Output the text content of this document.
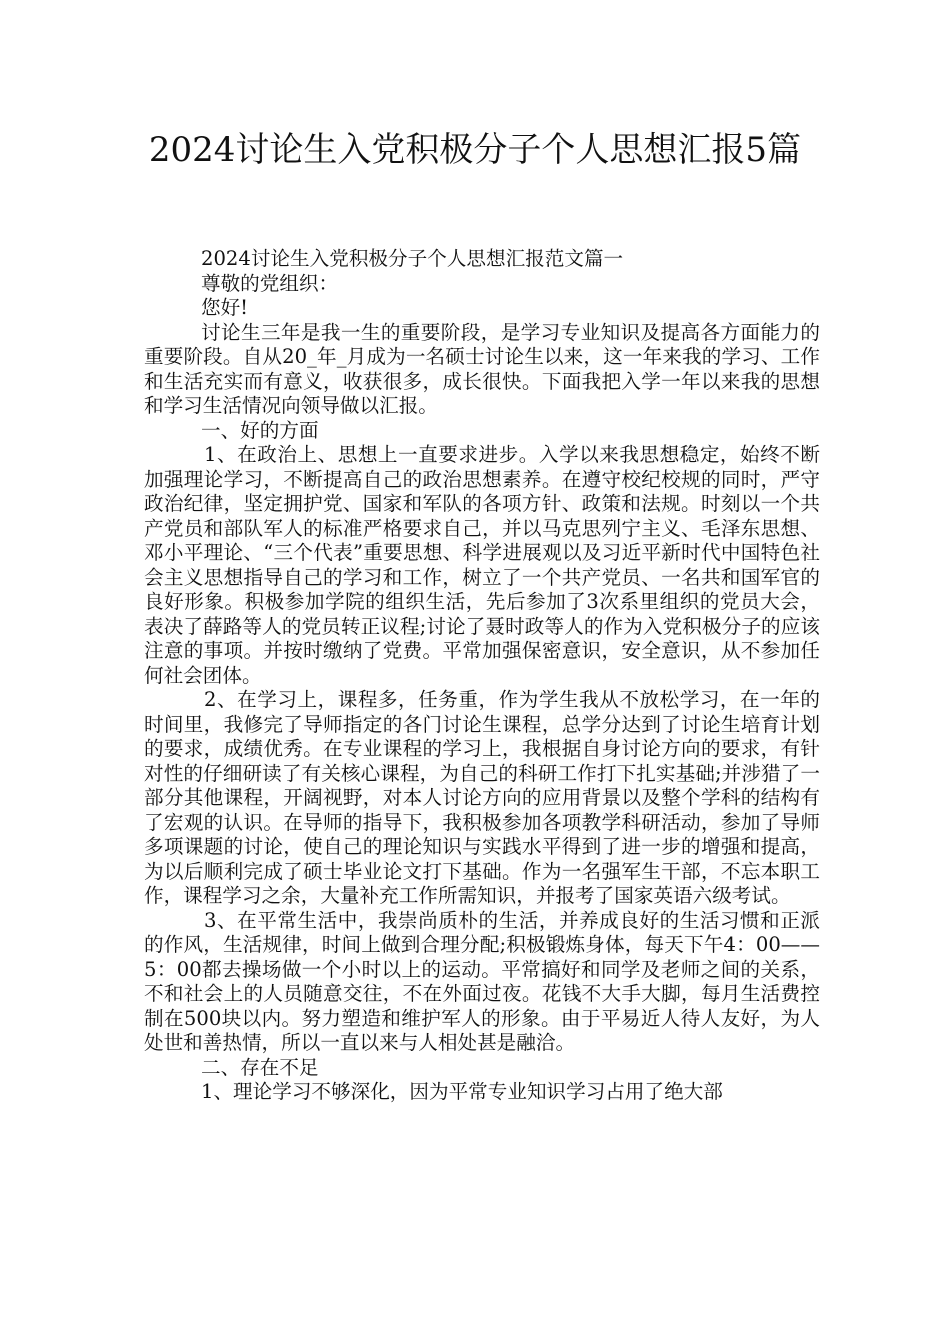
2024讨论生入党积极分子个人思想汇报5篇

2024讨论生入党积极分子个人思想汇报范文篇一

尊敬的党组织：

您好!

讨论生三年是我一生的重要阶段，是学习专业知识及提高各方面能力的重要阶段。自从20_年_月成为一名硕士讨论生以来，这一年来我的学习、工作和生活充实而有意义，收获很多，成长很快。下面我把入学一年以来我的思想和学习生活情况向领导做以汇报。

一、好的方面

1、在政治上、思想上一直要求进步。入学以来我思想稳定，始终不断加强理论学习，不断提高自己的政治思想素养。在遵守校纪校规的同时，严守政治纪律，坚定拥护党、国家和军队的各项方针、政策和法规。时刻以一个共产党员和部队军人的标准严格要求自己，并以马克思列宁主义、毛泽东思想、邓小平理论、“三个代表”重要思想、科学进展观以及习近平新时代中国特色社会主义思想指导自己的学习和工作，树立了一个共产党员、一名共和国军官的良好形象。积极参加学院的组织生活，先后参加了3次系里组织的党员大会，表决了薛路等人的党员转正议程;讨论了聂时政等人的作为入党积极分子的应该注意的事项。并按时缴纳了党费。平常加强保密意识，安全意识，从不参加任何社会团体。

2、在学习上，课程多，任务重，作为学生我从不放松学习，在一年的时间里，我修完了导师指定的各门讨论生课程，总学分达到了讨论生培育计划的要求，成绩优秀。在专业课程的学习上，我根据自身讨论方向的要求，有针对性的仔细研读了有关核心课程，为自己的科研工作打下扎实基础;并涉猎了一部分其他课程，开阔视野，对本人讨论方向的应用背景以及整个学科的结构有了宏观的认识。在导师的指导下，我积极参加各项教学科研活动，参加了导师多项课题的讨论，使自己的理论知识与实践水平得到了进一步的增强和提高，为以后顺利完成了硕士毕业论文打下基础。作为一名强军生干部，不忘本职工作，课程学习之余，大量补充工作所需知识，并报考了国家英语六级考试。

3、在平常生活中，我崇尚质朴的生活，并养成良好的生活习惯和正派的作风，生活规律，时间上做到合理分配;积极锻炼身体，每天下午4：00——5：00都去操场做一个小时以上的运动。平常搞好和同学及老师之间的关系，不和社会上的人员随意交往，不在外面过夜。花钱不大手大脚，每月生活费控制在500块以内。努力塑造和维护军人的形象。由于平易近人待人友好，为人处世和善热情，所以一直以来与人相处甚是融洽。

二、存在不足

1、理论学习不够深化，因为平常专业知识学习占用了绝大部
